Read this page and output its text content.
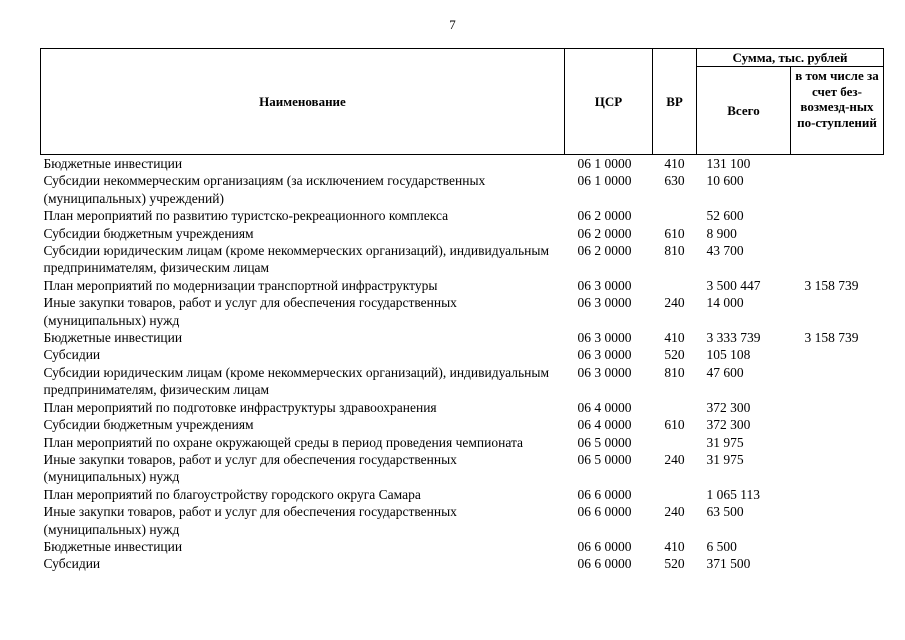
7
Наименование	ЦСР	ВР	Сумма, тыс. рублей	
			Всего	в том числе за счет без-возмезд-ных по-ступлений
Бюджетные инвестиции	06 1 0000	410	131 100	
Субсидии некоммерческим организациям (за исключением государственных (муниципальных) учреждений)	06 1 0000	630	10 600	
План мероприятий по развитию туристско-рекреационного комплекса	06 2 0000		52 600	
Субсидии бюджетным учреждениям	06 2 0000	610	8 900	
Субсидии юридическим лицам (кроме некоммерческих организаций), индивидуальным предпринимателям, физическим лицам	06 2 0000	810	43 700	
План мероприятий по модернизации транспортной инфраструктуры	06 3 0000		3 500 447	3 158 739
Иные закупки товаров, работ и услуг для обеспечения государственных (муниципальных) нужд	06 3 0000	240	14 000	
Бюджетные инвестиции	06 3 0000	410	3 333 739	3 158 739
Субсидии	06 3 0000	520	105 108	
Субсидии юридическим лицам (кроме некоммерческих организаций), индивидуальным предпринимателям, физическим лицам	06 3 0000	810	47 600	
План мероприятий по подготовке инфраструктуры здравоохранения	06 4 0000		372 300	
Субсидии бюджетным учреждениям	06 4 0000	610	372 300	
План мероприятий по охране окружающей среды в период проведения чемпионата	06 5 0000		31 975	
Иные закупки товаров, работ и услуг для обеспечения государственных (муниципальных) нужд	06 5 0000	240	31 975	
План мероприятий по благоустройству городского округа Самара	06 6 0000		1 065 113	
Иные закупки товаров, работ и услуг для обеспечения государственных (муниципальных) нужд	06 6 0000	240	63 500	
Бюджетные инвестиции	06 6 0000	410	6 500	
Субсидии	06 6 0000	520	371 500	
